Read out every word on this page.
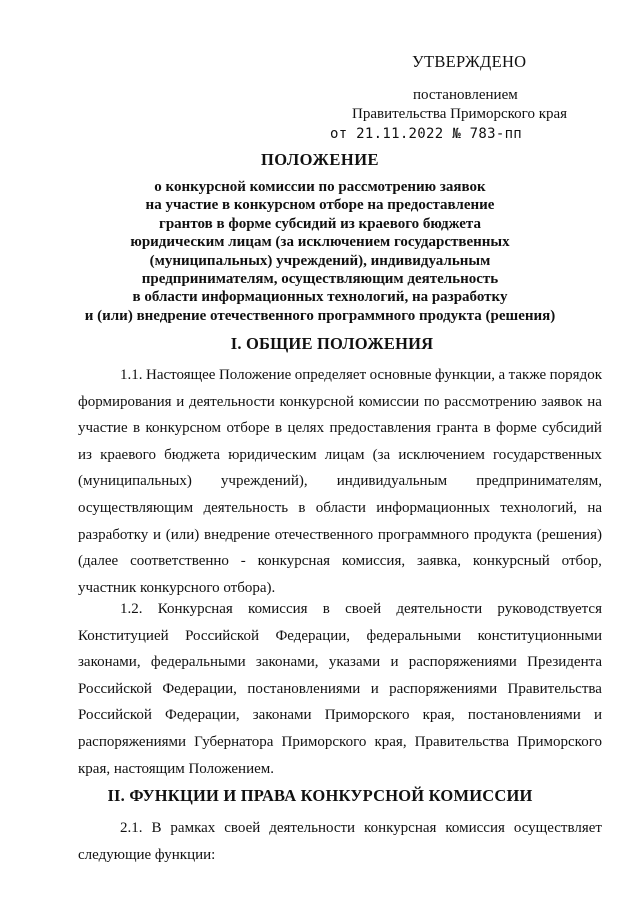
УТВЕРЖДЕНО
постановлением
Правительства Приморского края
от 21.11.2022 № 783-пп
ПОЛОЖЕНИЕ
о конкурсной комиссии по рассмотрению заявок
на участие в конкурсном отборе на предоставление
грантов в форме субсидий из краевого бюджета
юридическим лицам (за исключением государственных
(муниципальных) учреждений), индивидуальным
предпринимателям, осуществляющим деятельность
в области информационных технологий, на разработку
и (или) внедрение отечественного программного продукта (решения)
I. ОБЩИЕ ПОЛОЖЕНИЯ
1.1. Настоящее Положение определяет основные функции, а также порядок
формирования и деятельности конкурсной комиссии по рассмотрению заявок на
участие в конкурсном отборе в целях предоставления гранта в форме субсидий
из краевого бюджета юридическим лицам (за исключением государственных
(муниципальных) учреждений), индивидуальным предпринимателям,
осуществляющим деятельность в области информационных технологий, на
разработку и (или) внедрение отечественного программного продукта (решения)
(далее соответственно - конкурсная комиссия, заявка, конкурсный отбор,
участник конкурсного отбора).
1.2. Конкурсная комиссия в своей деятельности руководствуется
Конституцией Российской Федерации, федеральными конституционными
законами, федеральными законами, указами и распоряжениями Президента
Российской Федерации, постановлениями и распоряжениями Правительства
Российской Федерации, законами Приморского края, постановлениями и
распоряжениями Губернатора Приморского края, Правительства Приморского
края, настоящим Положением.
II. ФУНКЦИИ И ПРАВА КОНКУРСНОЙ КОМИССИИ
2.1. В рамках своей деятельности конкурсная комиссия осуществляет
следующие функции:
